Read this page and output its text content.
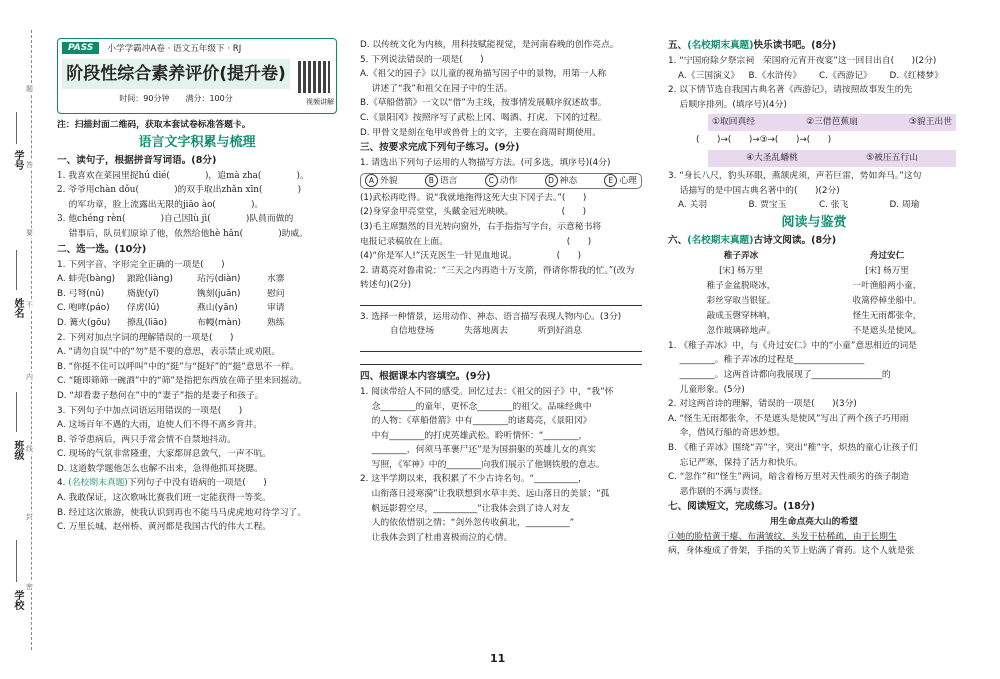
学号
姓名
班级
学校
题
答
要
不
内
线
封
密
PASS	小学学霸冲A卷 · 语文五年级下 · RJ
阶段性综合素养评价(提升卷)
时间：90分钟　　满分：100分	视频讲解

注：扫描封面二维码，获取本套试卷标准答题卡。

语言文字积累与梳理

一、读句子，根据拼音写词语。(8分)

1. 我喜欢在菜园里捉hú dié(　　　　)，追mà zha(　　　　)。

2. 爷爷用chàn dǒu(　　　　)的双手取出zhǎn xīn(　　　　)

　 的军功章，脸上流露出无限的jiāo ào(　　　　)。

3. 他chéng rèn(　　　　)自己因lù jì(　　　　)队員而做的

　 错事后，队员们原谅了他，依然给他hè hǎn(　　　　)助威。

二、选一选。(10分)

1. 下列字音、字形完全正确的一项是(　　)

A. 蚌壳(bàng)	踉跄(liàng)	玷污(diàn)	水寨
B. 弓弩(nǔ)	旖旎(yǐ)	镌刻(juān)	慰问
C. 咆哮(páo)	俘虏(lǔ)	燕山(yān)	审请
D. 篝火(gōu)	撩乱(liāo)	布幔(màn)	熟练

2. 下列对加点字词的理解错误的一项是(　　)

A. “请勿自误”中的“勿”是不要的意思，表示禁止或劝阻。

B. “你挺不住可以呼叫”中的“挺”与“挺好”的“挺”意思不一样。

C. “随即筛筛一碗酒”中的“筛”是指把东西放在筛子里来回摇动。

D. “却看妻子愁何在”中的“妻子”指的是妻子和孩子。

3. 下列句子中加点词语运用错误的一项是(　　)

A. 这场百年不遇的大雨，迫使人们不得不离乡背井。

B. 爷爷患病后，两只手常会情不自禁地抖动。

C. 现场的气氛非常隆重，大家都屏息敛气，一声不吭。

D. 这道数学题他怎么也解不出来，急得他抓耳挠腮。

4. (名校期末真题)下列句子中没有语病的一项是(　　)

A. 我敢保证，这次歌咏比赛我们班一定能获得一等奖。

B. 经过这次旅游，使我认识到再也不能马马虎虎地对待学习了。

C. 万里长城、赵州桥、黄河都是我国古代的伟大工程。

D. 以传统文化为内核，用科技赋能视觉，是河南春晚的创作亮点。

5. 下列说法错误的一项是(　　)

A.《祖父的园子》以儿童的视角描写园子中的景物，用第一人称

　 讲述了“我”和祖父在园子中的生活。

B.《草船借箭》一文以“借”为主线，按事情发展顺序叙述故事。

C.《景阳冈》按照序写了武松上冈、喝酒、打虎、下冈的过程。

D. 甲骨文是刻在龟甲或兽骨上的文字，主要在商周时期使用。

三、按要求完成下列句子练习。(9分)

1. 请选出下列句子运用的人物描写方法。(可多选，填序号)(4分)

A 外貌	B 语言	C 动作	D 神态	E 心理

(1)武松再吃得。说“我就地拖得这死大虫下冈子去。”(　　)

(2)身穿金甲亮堂堂，头戴金冠光映映。　　　　　　(　　)

(3)毛主席黯然的目光转向窗外，右手指指写字台，示意秘书将

电报记录稿放在上面。　　　　　　　　　　　　　　(　　)

(4)“你是军人!”沃克医生一针见血地说。　　　　　(　　)

2. 请葛亮对鲁肃说：“三天之内再造十万支箭，得请你帮我的忙。”(改为转述句)(2分)

3. 选择一种情景，运用动作、神态、语言描写表现人物内心。(3分)

自信地登场	失落地离去	听到好消息

四、根据课本内容填空。(9分)

1. 阅读带给人不同的感受。回忆过去：《祖父的园子》中，“我”怀

　 念________的童年，更怀念________的祖父。品味经典中

　 的人物：《草船借箭》中有________的诸葛亮，《景阳冈》

　 中有________的打虎英雄武松。聆听情怀：“________，

　 ________，何须马革裹尸还”是为国捐躯的英雄儿女的真实

　 写照，《军神》中的________向我们展示了他钢铁般的意志。

2. 这半学期以来，我积累了不少古诗名句。“__________，

　 山衔落日浸寒漪”让我联想到水草丰美、远山落日的美景；“孤

　 帆远影碧空尽，__________”让我体会到了诗人对友

　 人的依依惜别之情；“剑外忽传收蓟北，__________”

　 让我体会到了杜甫喜极而泣的心情。

11

五、(名校期末真题)快乐读书吧。(8分)

1. “宁国府除夕祭宗祠　荣国府元宵开夜宴”这一回目出自(　　)(2分)

A.《三国演义》	B.《水浒传》	C.《西游记》	D.《红楼梦》

2. 以下情节选自我国古典名著《西游记》，请按照故事发生的先

　 后顺序排列。(填序号)(4分)

①取回真经	②三借芭蕉扇	③貌王出世

(　　)→(　　)→③→(　　)→(　　)

④大圣乱蟠桃	⑤被压五行山

3. “身长八尺，豹头环眼，燕颔虎须，声若巨雷，势如奔马。”这句

　 话描写的是中国古典名著中的(　　)(2分)

A. 关羽	B. 贾宝玉	C. 张飞	D. 周瑜

阅读与鉴赏

六、(名校期末真题)古诗文阅读。(8分)

稚子弄冰

[宋] 杨万里

稚子金盆脱晓冰，

彩丝穿取当银钲。

敲成玉磬穿林响，

忽作玻璃碎地声。

舟过安仁

[宋] 杨万里

一叶渔船两小童，

收篙停棹坐船中。

怪生无雨都张伞，

不是遮头是使风。

1. 《稚子弄冰》中，与《舟过安仁》中的“小童”意思相近的词是

　 ________。稚子弄冰的过程是________________

　 ________。这两首诗都向我展现了________________的

　 儿童形象。(5分)

2. 对这两首诗的理解，错误的一项是(　　)(3分)

A. “怪生无雨都张伞，不是遮头是使风”写出了两个孩子巧用雨

　 伞，借风行船的奇思妙想。

B. 《稚子弄冰》围绕“弄”字，突出“稚”字，炽热的童心让孩子们

　 忘记严寒，保持了活力和快乐。

C. “忽作”和“怪生”两词，暗含着杨万里对天性顽劣的孩子制造

　 恶作剧的不满与责怪。

七、阅读短文，完成练习。(18分)

用生命点亮大山的希望

①她的脸枯黄干瘪、布满皱纹，头发干枯稀疏，由于长期生

病，身体瘦成了骨架，手指的关节上贴满了膏药。这个人就是张
